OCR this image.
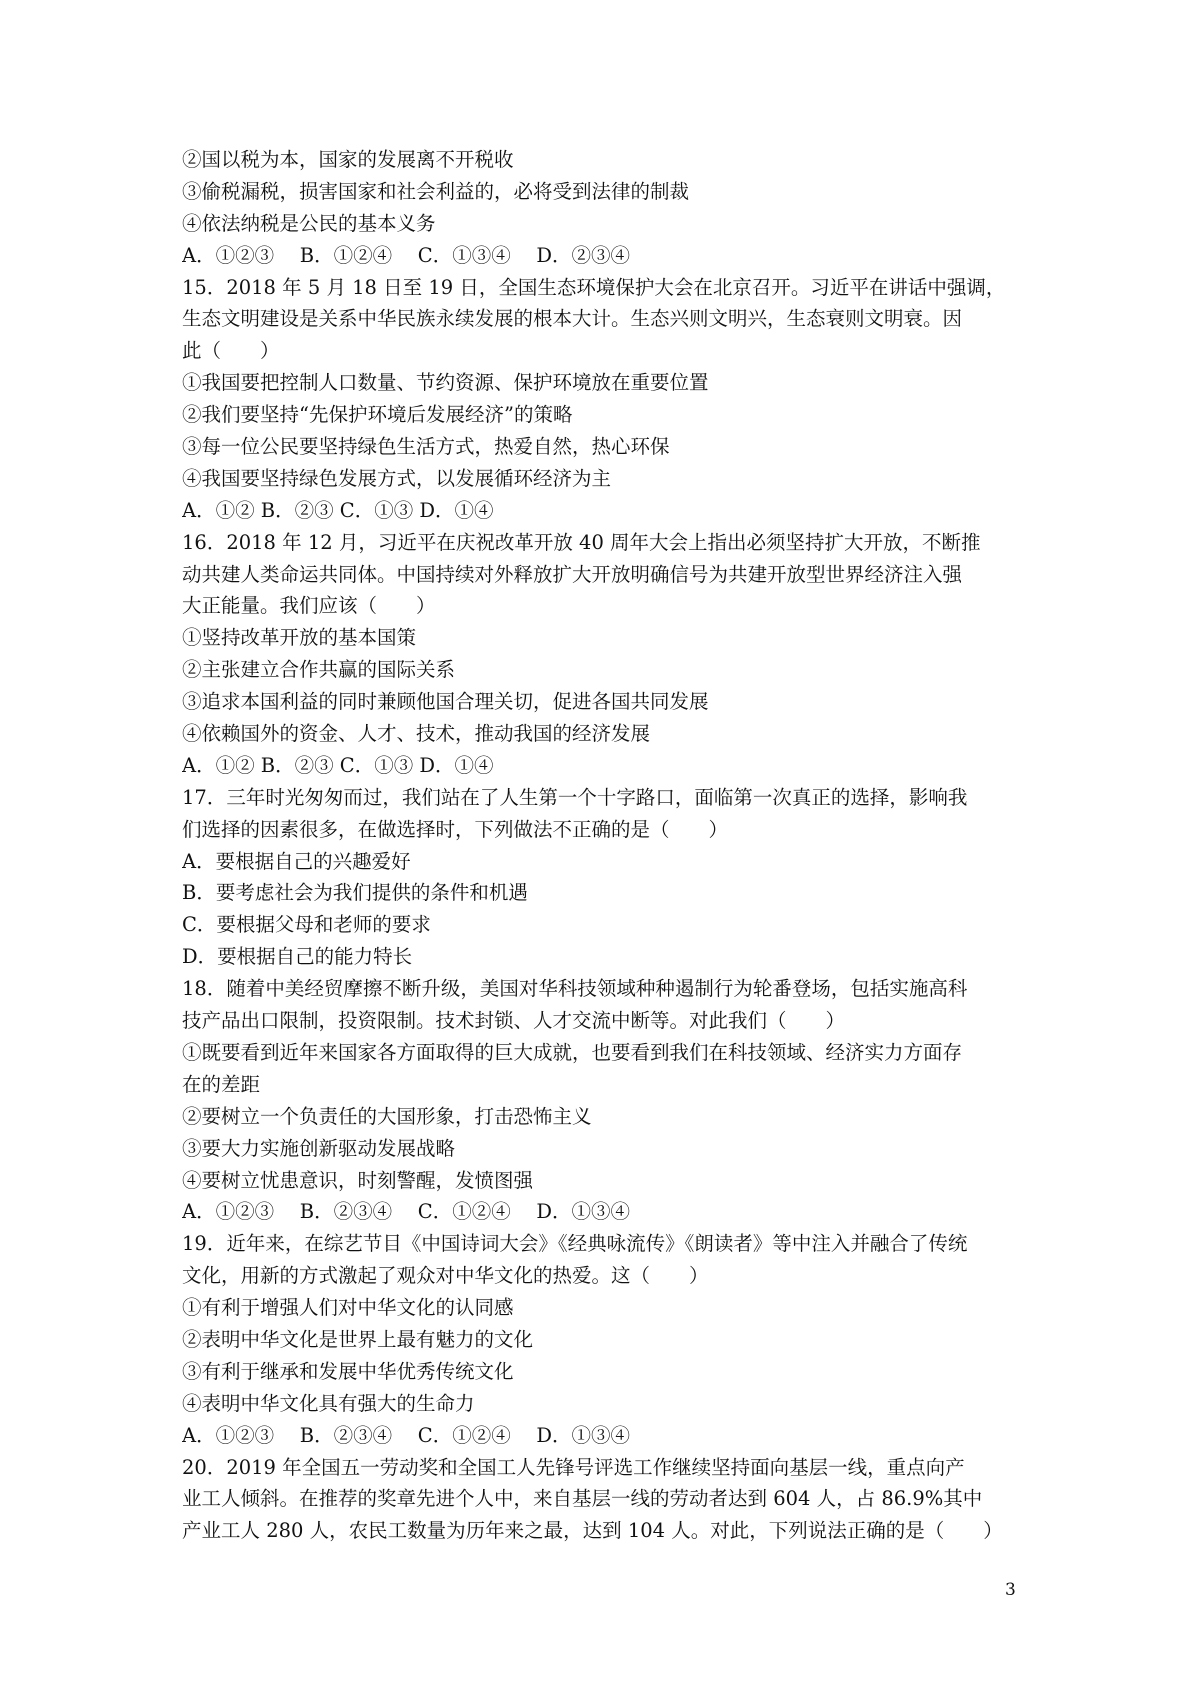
②国以税为本，国家的发展离不开税收
③偷税漏税，损害国家和社会利益的，必将受到法律的制裁
④依法纳税是公民的基本义务
A．①②③　 B．①②④　 C．①③④　 D．②③④
15．2018 年 5 月 18 日至 19 日，全国生态环境保护大会在北京召开。习近平在讲话中强调，
生态文明建设是关系中华民族永续发展的根本大计。生态兴则文明兴，生态衰则文明衰。因
此（　　）
①我国要把控制人口数量、节约资源、保护环境放在重要位置
②我们要坚持“先保护环境后发展经济”的策略
③每一位公民要坚持绿色生活方式，热爱自然，热心环保
④我国要坚持绿色发展方式，以发展循环经济为主
A．①② B．②③ C．①③ D．①④
16．2018 年 12 月，习近平在庆祝改革开放 40 周年大会上指出必须坚持扩大开放，不断推
动共建人类命运共同体。中国持续对外释放扩大开放明确信号为共建开放型世界经济注入强
大正能量。我们应该（　　）
①竖持改革开放的基本国策
②主张建立合作共赢的国际关系
③追求本国利益的同时兼顾他国合理关切，促进各国共同发展
④依赖国外的资金、人才、技术，推动我国的经济发展
A．①② B．②③ C．①③ D．①④
17．三年时光匆匆而过，我们站在了人生第一个十字路口，面临第一次真正的选择，影响我
们选择的因素很多，在做选择时，下列做法不正确的是（　　）
A．要根据自己的兴趣爱好
B．要考虑社会为我们提供的条件和机遇
C．要根据父母和老师的要求
D．要根据自己的能力特长
18．随着中美经贸摩擦不断升级，美国对华科技领域种种遏制行为轮番登场，包括实施高科
技产品出口限制，投资限制。技术封锁、人才交流中断等。对此我们（　　）
①既要看到近年来国家各方面取得的巨大成就，也要看到我们在科技领域、经济实力方面存
在的差距
②要树立一个负责任的大国形象，打击恐怖主义
③要大力实施创新驱动发展战略
④要树立忧患意识，时刻警醒，发愤图强
A．①②③　 B．②③④　 C．①②④　 D．①③④
19．近年来，在综艺节目《中国诗词大会》《经典咏流传》《朗读者》等中注入并融合了传统
文化，用新的方式激起了观众对中华文化的热爱。这（　　）
①有利于增强人们对中华文化的认同感
②表明中华文化是世界上最有魅力的文化
③有利于继承和发展中华优秀传统文化
④表明中华文化具有强大的生命力
A．①②③　 B．②③④　 C．①②④　 D．①③④
20．2019 年全国五一劳动奖和全国工人先锋号评选工作继续坚持面向基层一线，重点向产
业工人倾斜。在推荐的奖章先进个人中，来自基层一线的劳动者达到 604 人，占 86.9%其中
产业工人 280 人，农民工数量为历年来之最，达到 104 人。对此，下列说法正确的是（　　）
3
